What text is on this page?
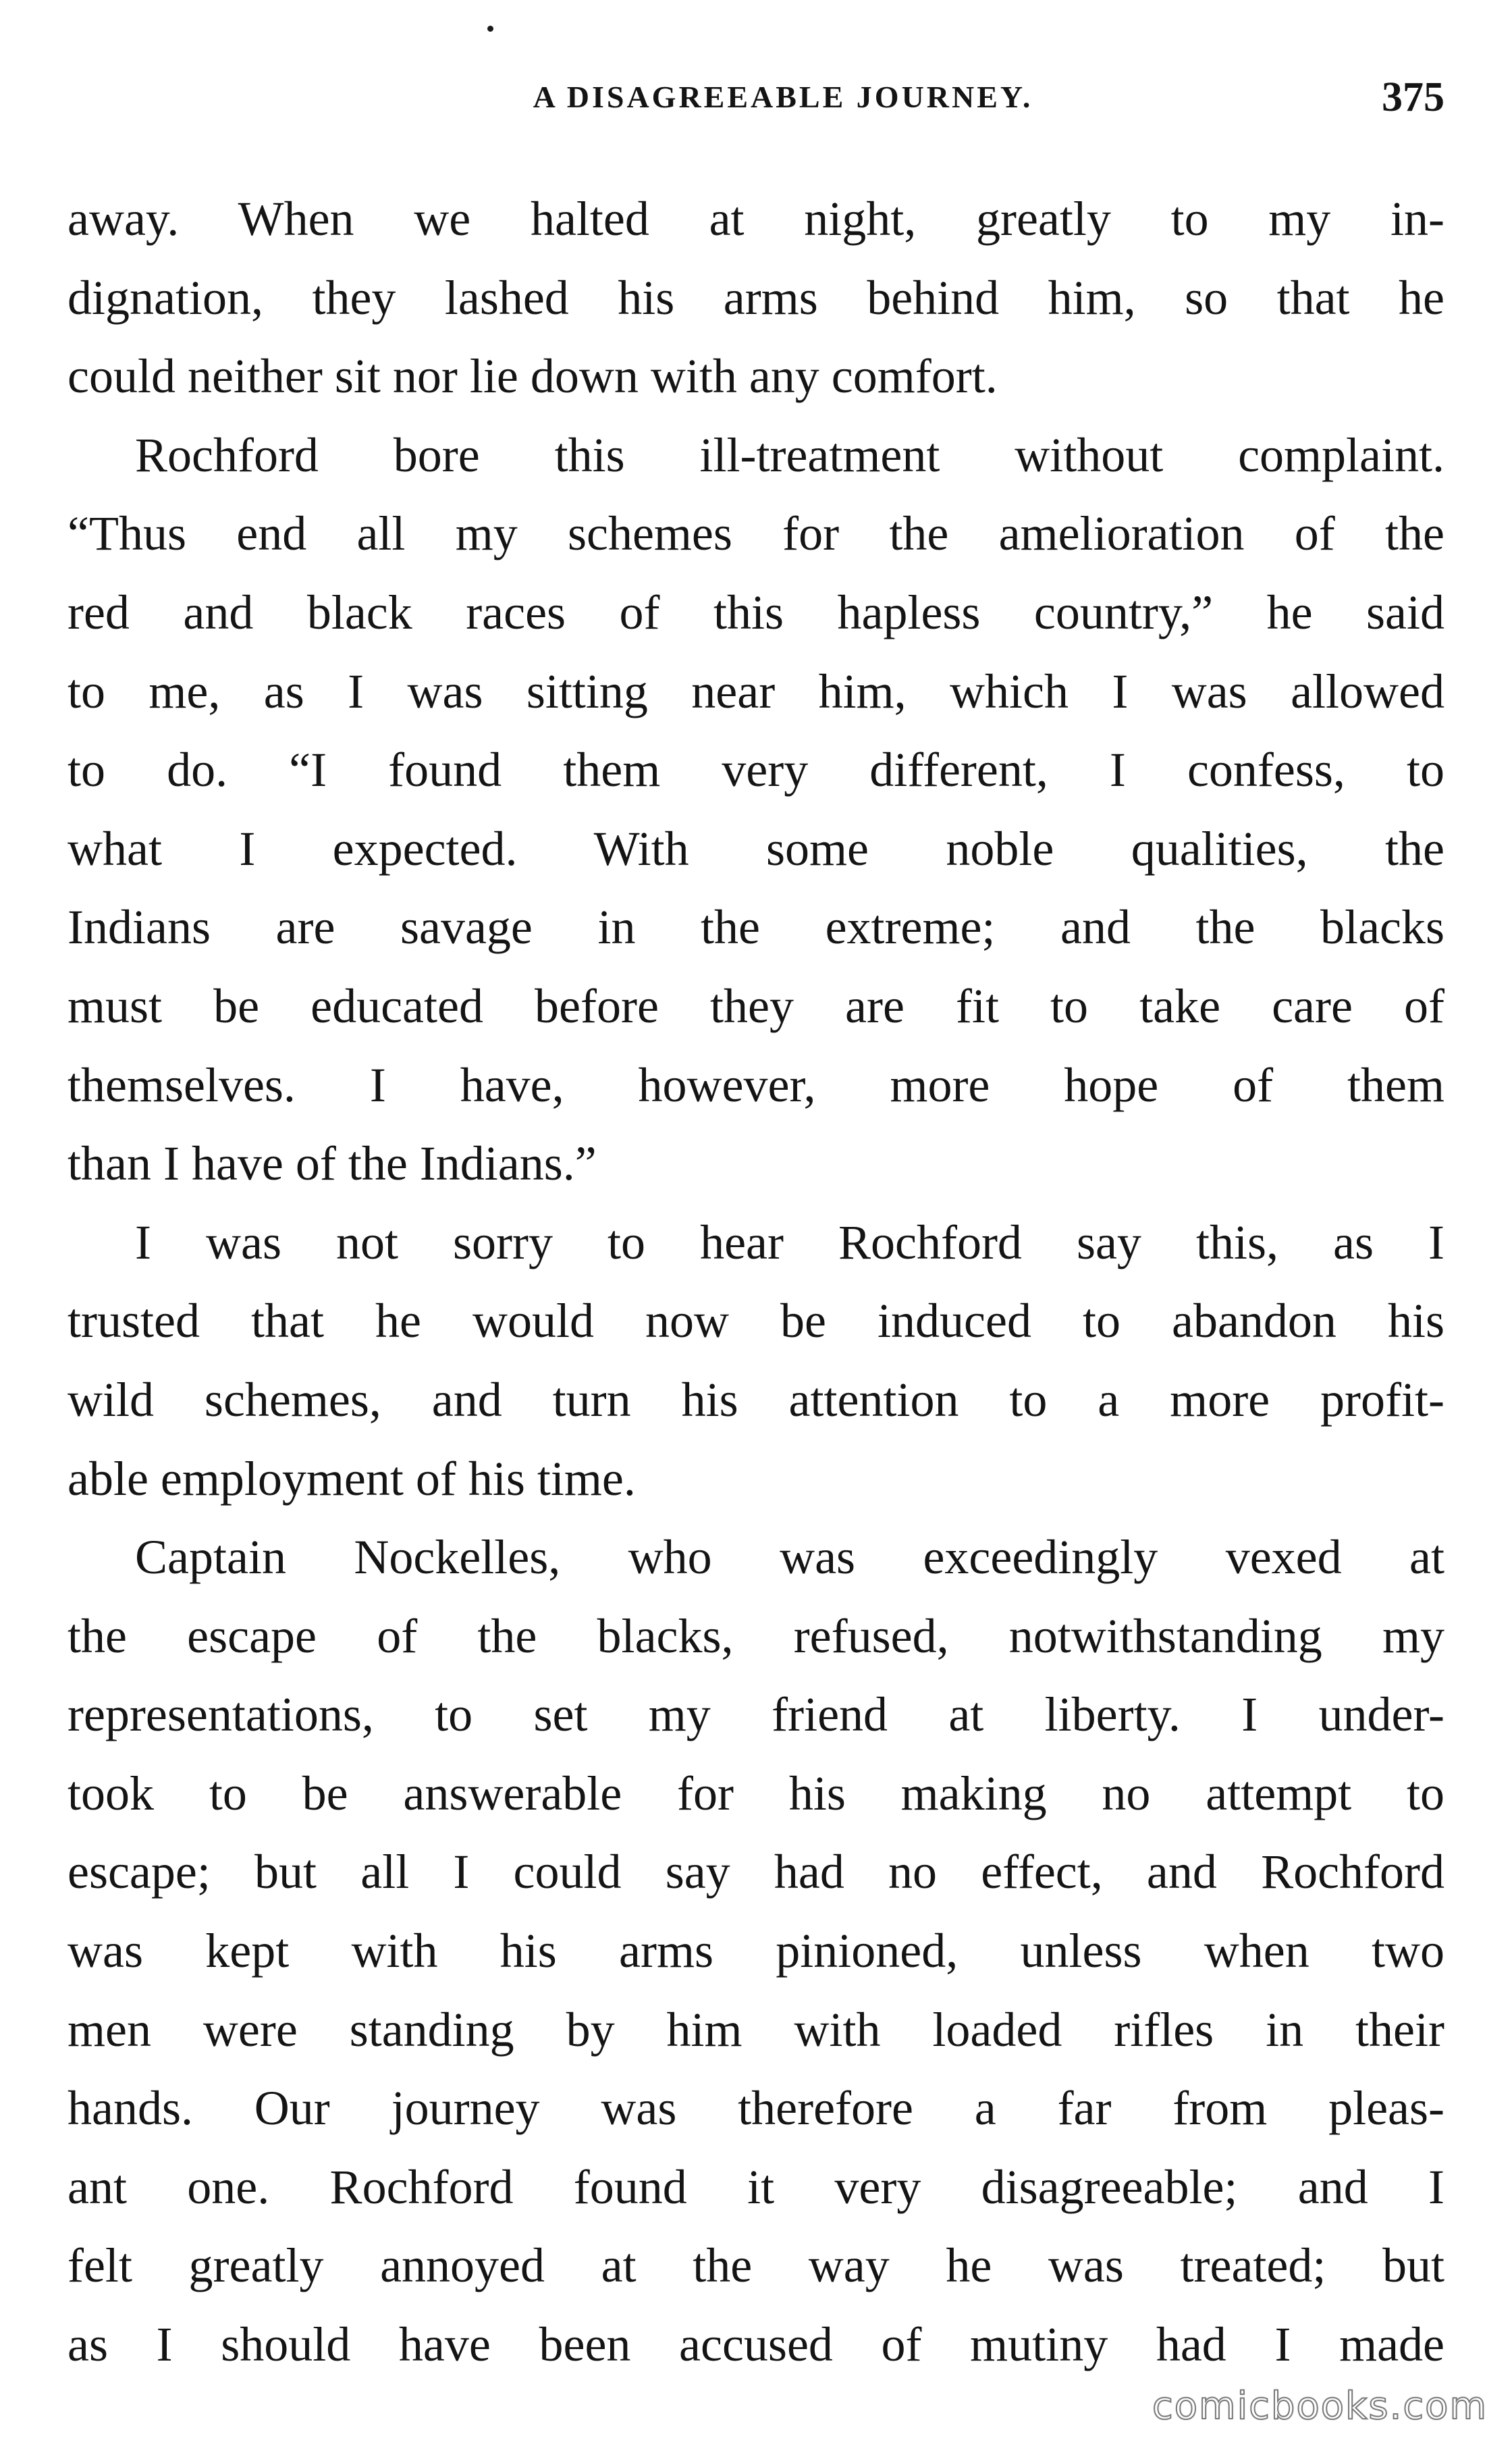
A DISAGREEABLE JOURNEY.	375
away. When we halted at night, greatly to my in-
dignation, they lashed his arms behind him, so that he
could neither sit nor lie down with any comfort.
Rochford bore this ill-treatment without complaint.
“Thus end all my schemes for the amelioration of the
red and black races of this hapless country,” he said
to me, as I was sitting near him, which I was allowed
to do. “I found them very different, I confess, to
what I expected. With some noble qualities, the
Indians are savage in the extreme; and the blacks
must be educated before they are fit to take care of
themselves. I have, however, more hope of them
than I have of the Indians.”
I was not sorry to hear Rochford say this, as I
trusted that he would now be induced to abandon his
wild schemes, and turn his attention to a more profit-
able employment of his time.
Captain Nockelles, who was exceedingly vexed at
the escape of the blacks, refused, notwithstanding my
representations, to set my friend at liberty. I under-
took to be answerable for his making no attempt to
escape; but all I could say had no effect, and Rochford
was kept with his arms pinioned, unless when two
men were standing by him with loaded rifles in their
hands. Our journey was therefore a far from pleas-
ant one. Rochford found it very disagreeable; and I
felt greatly annoyed at the way he was treated; but
as I should have been accused of mutiny had I made
comicbooks.com
